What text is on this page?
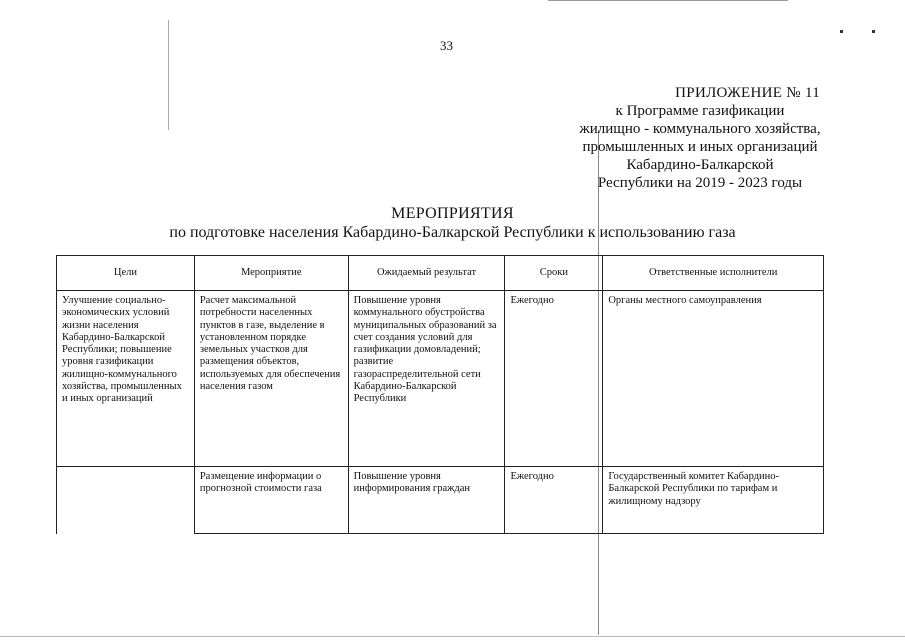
33
ПРИЛОЖЕНИЕ № 11
к Программе газификации
жилищно - коммунального хозяйства,
промышленных и иных организаций
Кабардино-Балкарской
Республики на 2019 - 2023 годы
МЕРОПРИЯТИЯ
по подготовке населения Кабардино-Балкарской Республики к использованию газа
Цели	Мероприятие	Ожидаемый результат	Сроки	Ответственные исполнители
Улучшение социально-экономических условий жизни населения Кабардино-Балкарской Республики; повышение уровня газификации жилищно-коммунального хозяйства, промышленных и иных организаций	Расчет максимальной потребности населенных пунктов в газе, выделение в установленном порядке земельных участков для размещения объектов, используемых для обеспечения населения газом	Повышение уровня коммунального обустройства муниципальных образований за счет создания условий для газификации домовладений; развитие газораспределительной сети Кабардино-Балкарской Республики	Ежегодно	Органы местного самоуправления
	Размещение информации о прогнозной стоимости газа	Повышение уровня информирования граждан	Ежегодно	Государственный комитет Кабардино-Балкарской Республики по тарифам и жилищному надзору
